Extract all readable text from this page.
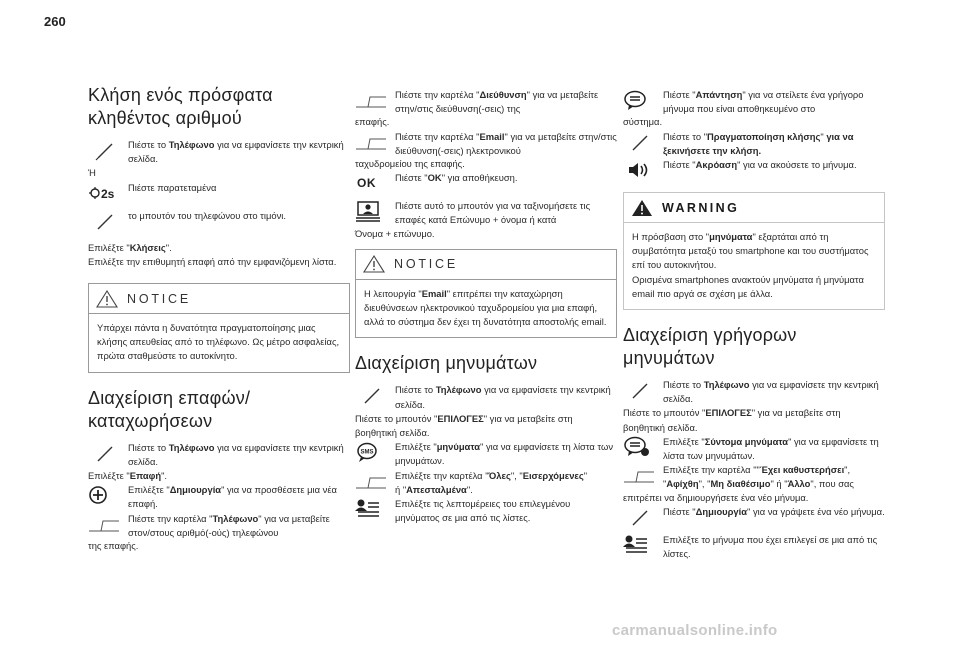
260
Κλήση ενός πρόσφατα
κληθέντος αριθμού
Πιέστε το Τηλέφωνο για να εμφανίσετε την κεντρική σελίδα.
Ή
2s Πιέστε παρατεταμένα
το μπουτόν του τηλεφώνου στο τιμόνι.
Επιλέξτε "Κλήσεις".
Επιλέξτε την επιθυμητή επαφή από την εμφανιζόμενη λίστα.
NOTICE
Υπάρχει πάντα η δυνατότητα πραγματοποίησης μιας κλήσης απευθείας από το τηλέφωνο. Ως μέτρο ασφαλείας, πρώτα σταθμεύστε το αυτοκίνητο.
Διαχείριση επαφών/
καταχωρήσεων
Πιέστε το Τηλέφωνο για να εμφανίσετε την κεντρική σελίδα.
Επιλέξτε "Επαφή".
Επιλέξτε "Δημιουργία" για να προσθέσετε μια νέα επαφή.
Πιέστε την καρτέλα "Τηλέφωνο" για να μεταβείτε στον/στους αριθμό(-ούς) τηλεφώνου
της επαφής.
Πιέστε την καρτέλα "Διεύθυνση" για να μεταβείτε στην/στις διεύθυνση(-σεις) της
επαφής.
Πιέστε την καρτέλα "Email" για να μεταβείτε στην/στις διεύθυνση(-σεις) ηλεκτρονικού
ταχυδρομείου της επαφής.
OK Πιέστε "OK" για αποθήκευση.
Πιέστε αυτό το μπουτόν για να ταξινομήσετε τις επαφές κατά Επώνυμο + όνομα ή κατά
Όνομα + επώνυμο.
NOTICE
Η λειτουργία "Email" επιτρέπει την καταχώρηση διευθύνσεων ηλεκτρονικού ταχυδρομείου για μια επαφή, αλλά το σύστημα δεν έχει τη δυνατότητα αποστολής email.
Διαχείριση μηνυμάτων
Πιέστε το Τηλέφωνο για να εμφανίσετε την κεντρική σελίδα.
Πιέστε το μπουτόν "ΕΠΙΛΟΓΕΣ" για να μεταβείτε στη βοηθητική σελίδα.
SMS
Επιλέξτε "μηνύματα" για να εμφανίσετε τη λίστα των μηνυμάτων.
Επιλέξτε την καρτέλα "Όλες", "Εισερχόμενες"
ή "Απεσταλμένα".
Επιλέξτε τις λεπτομέρειες του επιλεγμένου μηνύματος σε μια από τις λίστες.
Πιέστε "Απάντηση" για να στείλετε ένα γρήγορο μήνυμα που είναι αποθηκευμένο στο
σύστημα.
Πιέστε το "Πραγματοποίηση κλήσης" για να ξεκινήσετε την κλήση.
Πιέστε "Ακρόαση" για να ακούσετε το μήνυμα.
WARNING
Η πρόσβαση στο "μηνύματα" εξαρτάται από τη συμβατότητα μεταξύ του smartphone και του συστήματος επί του αυτοκινήτου.
Ορισμένα smartphones ανακτούν μηνύματα ή μηνύματα email πιο αργά σε σχέση με άλλα.
Διαχείριση γρήγορων
μηνυμάτων
Πιέστε το Τηλέφωνο για να εμφανίσετε την κεντρική σελίδα.
Πιέστε το μπουτόν "ΕΠΙΛΟΓΕΣ" για να μεταβείτε στη βοηθητική σελίδα.
Επιλέξτε "Σύντομα μηνύματα" για να εμφανίσετε τη λίστα των μηνυμάτων.
Επιλέξτε την καρτέλα ""Έχει καθυστερήσει", "Αφίχθη", "Μη διαθέσιμο" ή "Άλλο", που σας
επιτρέπει να δημιουργήσετε ένα νέο μήνυμα.
Πιέστε "Δημιουργία" για να γράψετε ένα νέο μήνυμα.
Επιλέξτε το μήνυμα που έχει επιλεγεί σε μια από τις λίστες.
carmanualsonline.info
